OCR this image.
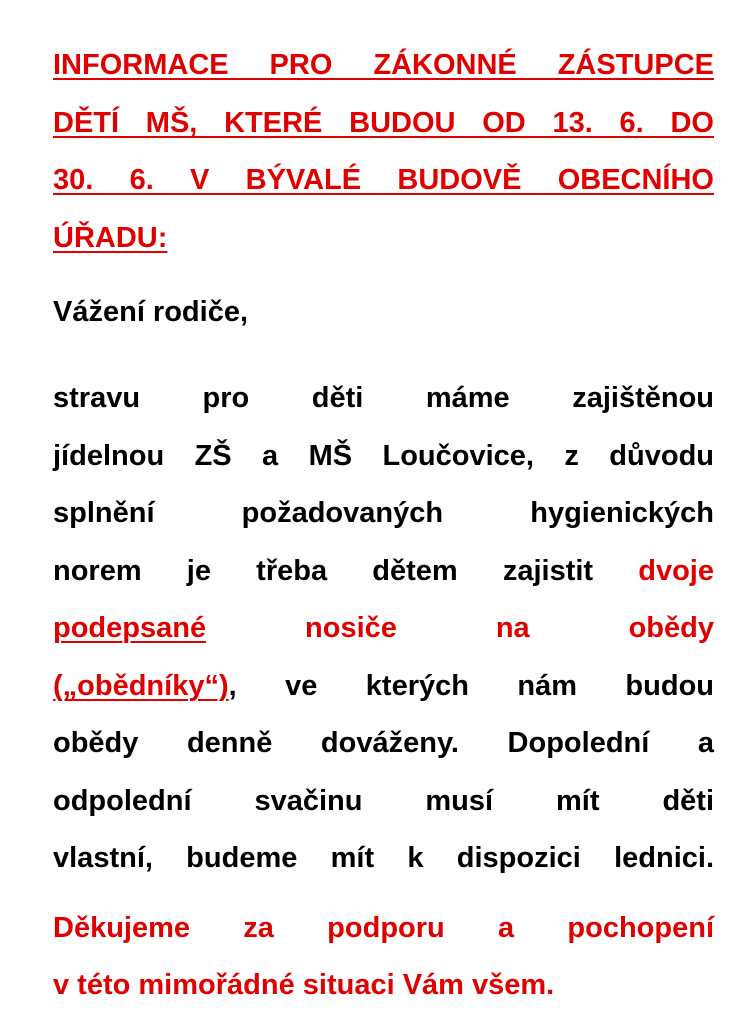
INFORMACE PRO ZÁKONNÉ ZÁSTUPCE
DĚTÍ MŠ, KTERÉ BUDOU OD 13. 6. DO
30. 6. V BÝVALÉ BUDOVĚ OBECNÍHO
ÚŘADU:
Vážení rodiče,
stravu pro děti máme zajištěnou
jídelnou ZŠ a MŠ Loučovice, z důvodu
splnění požadovaných hygienických
norem je třeba dětem zajistit dvoje
podepsané nosiče na obědy
(„obědníky“), ve kterých nám budou
obědy denně dováženy. Dopolední a
odpolední svačinu musí mít děti
vlastní, budeme mít k dispozici lednici.
Děkujeme za podporu a pochopení
v této mimořádné situaci Vám všem.
